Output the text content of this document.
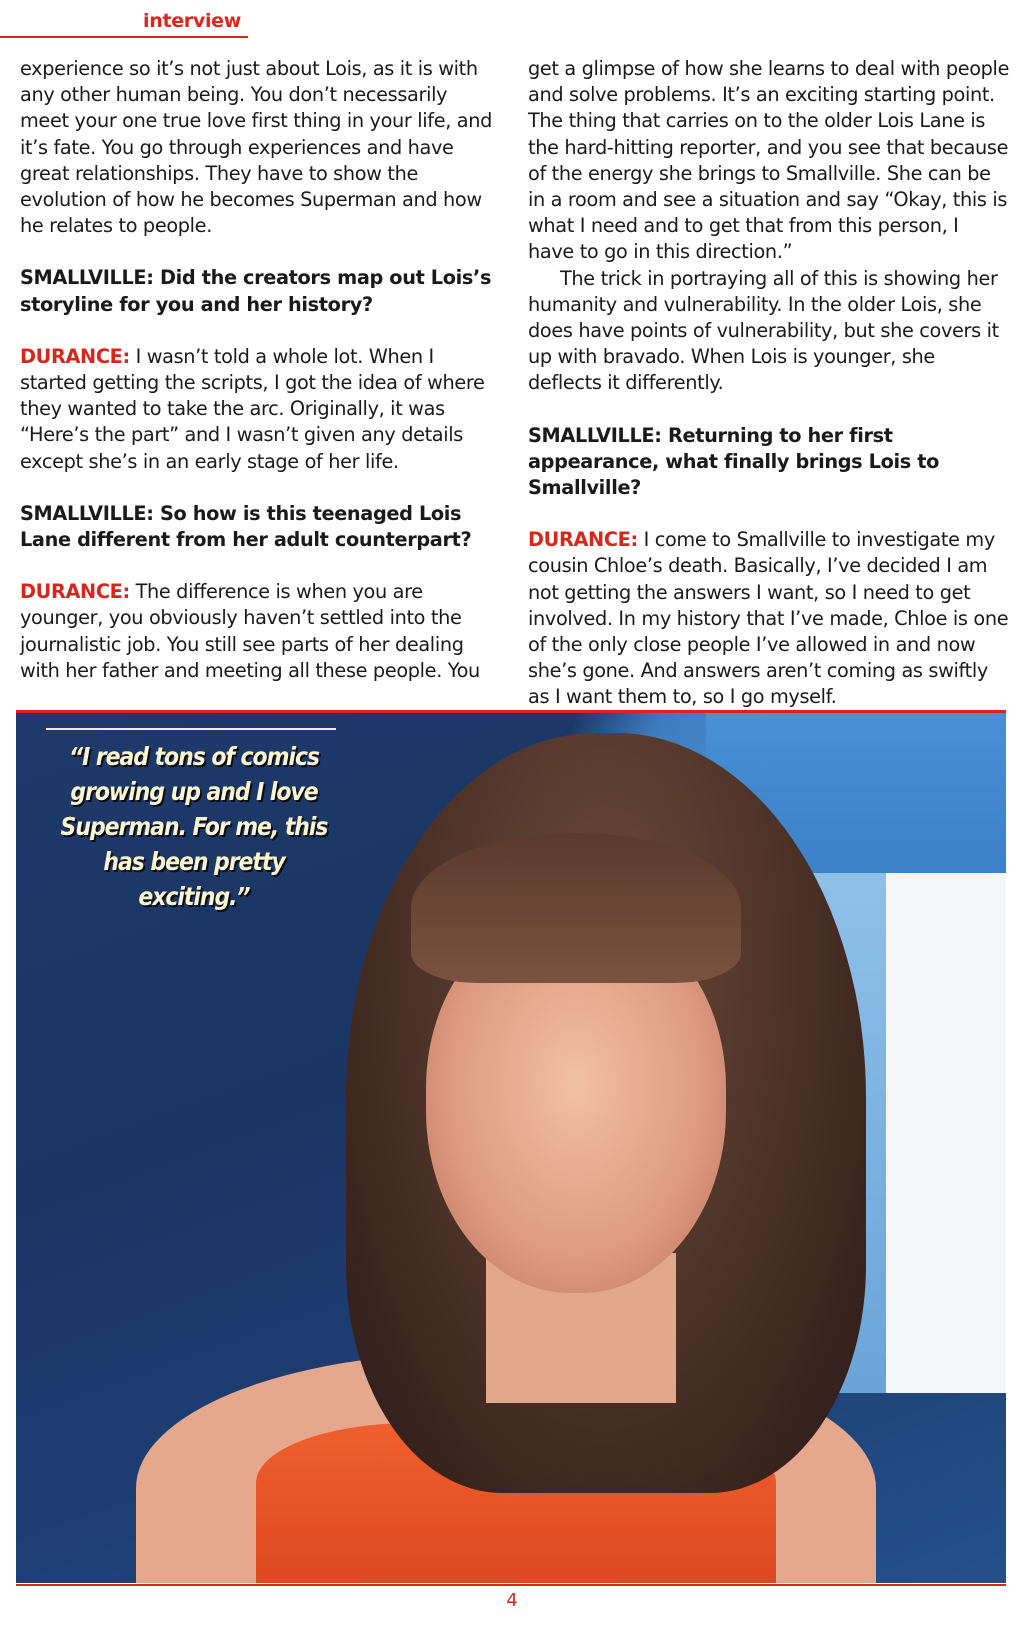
interview

experience so it’s not just about Lois, as it is with any other human being. You don’t necessarily meet your one true love first thing in your life, and it’s fate. You go through experiences and have great relationships. They have to show the evolution of how he becomes Superman and how he relates to people.

SMALLVILLE: Did the creators map out Lois’s storyline for you and her history?

DURANCE: I wasn’t told a whole lot. When I started getting the scripts, I got the idea of where they wanted to take the arc. Originally, it was “Here’s the part” and I wasn’t given any details except she’s in an early stage of her life.

SMALLVILLE: So how is this teenaged Lois Lane different from her adult counterpart?

DURANCE: The difference is when you are younger, you obviously haven’t settled into the journalistic job. You still see parts of her dealing with her father and meeting all these people. You

get a glimpse of how she learns to deal with people and solve problems. It’s an exciting starting point. The thing that carries on to the older Lois Lane is the hard-hitting reporter, and you see that because of the energy she brings to Smallville. She can be in a room and see a situation and say “Okay, this is what I need and to get that from this person, I have to go in this direction.”

The trick in portraying all of this is showing her humanity and vulnerability. In the older Lois, she does have points of vulnerability, but she covers it up with bravado. When Lois is younger, she deflects it differently.

SMALLVILLE: Returning to her first appearance, what finally brings Lois to Smallville?

DURANCE: I come to Smallville to investigate my cousin Chloe’s death. Basically, I’ve decided I am not getting the answers I want, so I need to get involved. In my history that I’ve made, Chloe is one of the only close people I’ve allowed in and now she’s gone. And answers aren’t coming as swiftly as I want them to, so I go myself.

“I read tons of comics growing up and I love Superman. For me, this has been pretty exciting.”
4
